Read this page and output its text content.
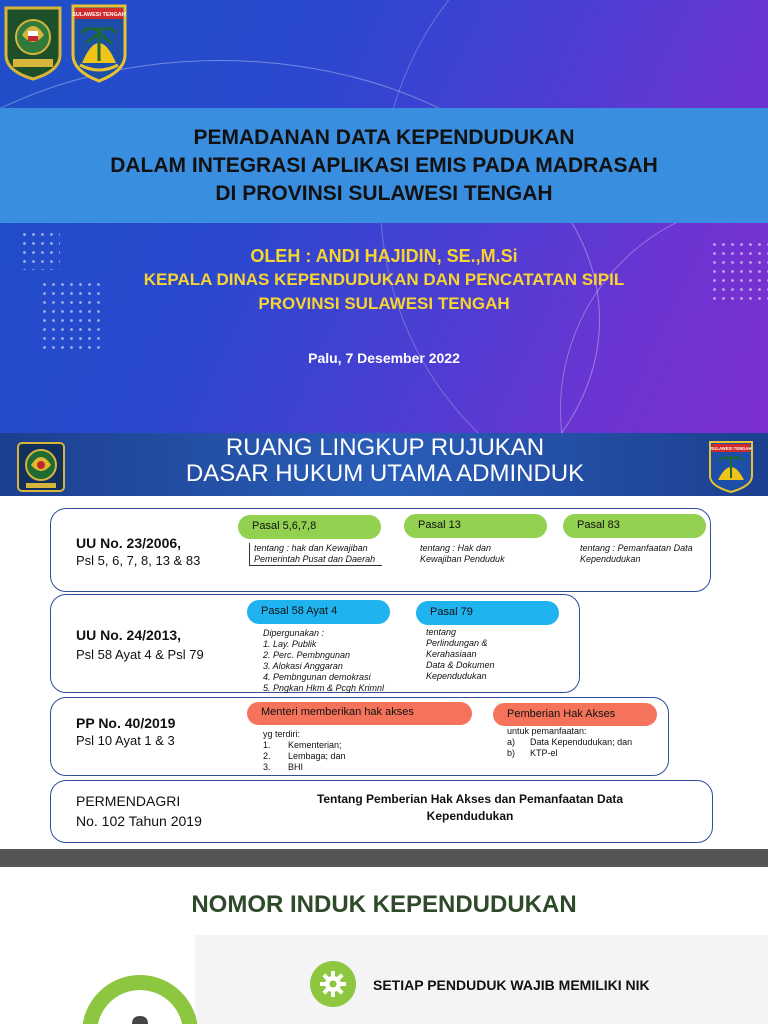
SULAWESI TENGAH
PEMADANAN DATA KEPENDUDUKAN
DALAM INTEGRASI APLIKASI EMIS PADA MADRASAH
DI PROVINSI SULAWESI TENGAH
OLEH : ANDI HAJIDIN, SE.,M.Si
KEPALA DINAS KEPENDUDUKAN DAN PENCATATAN SIPIL
PROVINSI SULAWESI TENGAH
Palu, 7 Desember 2022
RUANG LINGKUP RUJUKAN
DASAR HUKUM UTAMA ADMINDUK
SULAWESI TENGAH
UU No. 23/2006,
Psl 5, 6, 7, 8, 13 & 83
Pasal 5,6,7,8
tentang : hak dan Kewajiban Pemerintah Pusat dan Daerah
Pasal 13
tentang : Hak dan Kewajiban Penduduk
Pasal 83
tentang : Pemanfaatan Data Kependudukan
UU No. 24/2013,
Psl 58 Ayat 4 & Psl 79
Pasal 58 Ayat 4
Dipergunakan :
1. Lay. Publik
2. Perc. Pembngunan
3. Alokasi Anggaran
4. Pembngunan demokrasi
5. Pngkan Hkm & Pcgh Krimnl
Pasal 79
tentang
Perlindungan &
Kerahasiaan
Data & Dokumen
Kependudukan
PP No. 40/2019
Psl 10 Ayat 1 & 3
Menteri memberikan hak akses
yg terdiri:
1.       Kementerian;
2.       Lembaga; dan
3.       BHI
Pemberian Hak Akses
untuk pemanfaatan:
a)      Data Kependudukan; dan
b)      KTP-el
PERMENDAGRI
No. 102 Tahun 2019
Tentang Pemberian Hak Akses dan Pemanfaatan Data
Kependudukan
NOMOR INDUK KEPENDUDUKAN
SETIAP PENDUDUK WAJIB MEMILIKI NIK
